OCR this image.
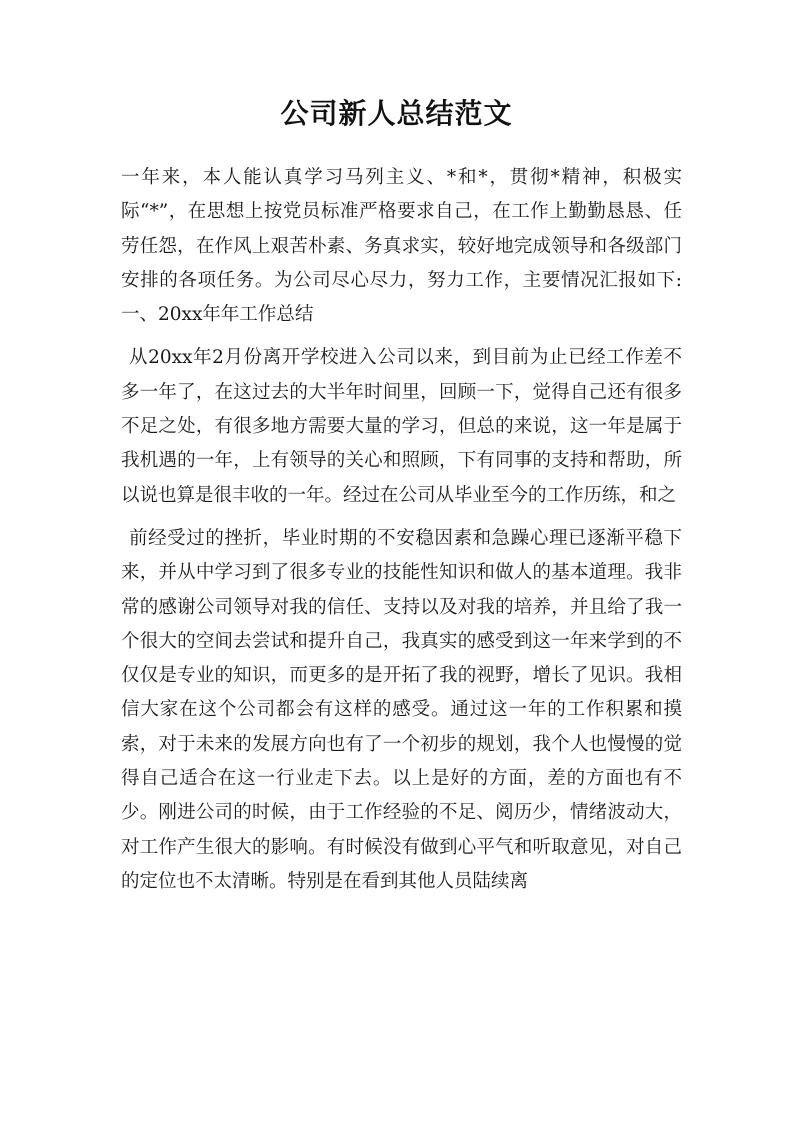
公司新人总结范文

一年来，本人能认真学习马列主义、*和*，贯彻*精神，积极实际“*”，在思想上按党员标准严格要求自己，在工作上勤勤恳恳、任劳任怨，在作风上艰苦朴素、务真求实，较好地完成领导和各级部门安排的各项任务。为公司尽心尽力，努力工作，主要情况汇报如下: 一、20xx年年工作总结

从20xx年2月份离开学校进入公司以来，到目前为止已经工作差不多一年了，在这过去的大半年时间里，回顾一下，觉得自己还有很多不足之处，有很多地方需要大量的学习，但总的来说，这一年是属于我机遇的一年，上有领导的关心和照顾，下有同事的支持和帮助，所以说也算是很丰收的一年。经过在公司从毕业至今的工作历练，和之

前经受过的挫折，毕业时期的不安稳因素和急躁心理已逐渐平稳下来，并从中学习到了很多专业的技能性知识和做人的基本道理。我非常的感谢公司领导对我的信任、支持以及对我的培养，并且给了我一个很大的空间去尝试和提升自己，我真实的感受到这一年来学到的不仅仅是专业的知识，而更多的是开拓了我的视野，增长了见识。我相信大家在这个公司都会有这样的感受。通过这一年的工作积累和摸索，对于未来的发展方向也有了一个初步的规划，我个人也慢慢的觉得自己适合在这一行业走下去。以上是好的方面，差的方面也有不少。刚进公司的时候，由于工作经验的不足、阅历少，情绪波动大，对工作产生很大的影响。有时候没有做到心平气和听取意见，对自己的定位也不太清晰。特别是在看到其他人员陆续离
